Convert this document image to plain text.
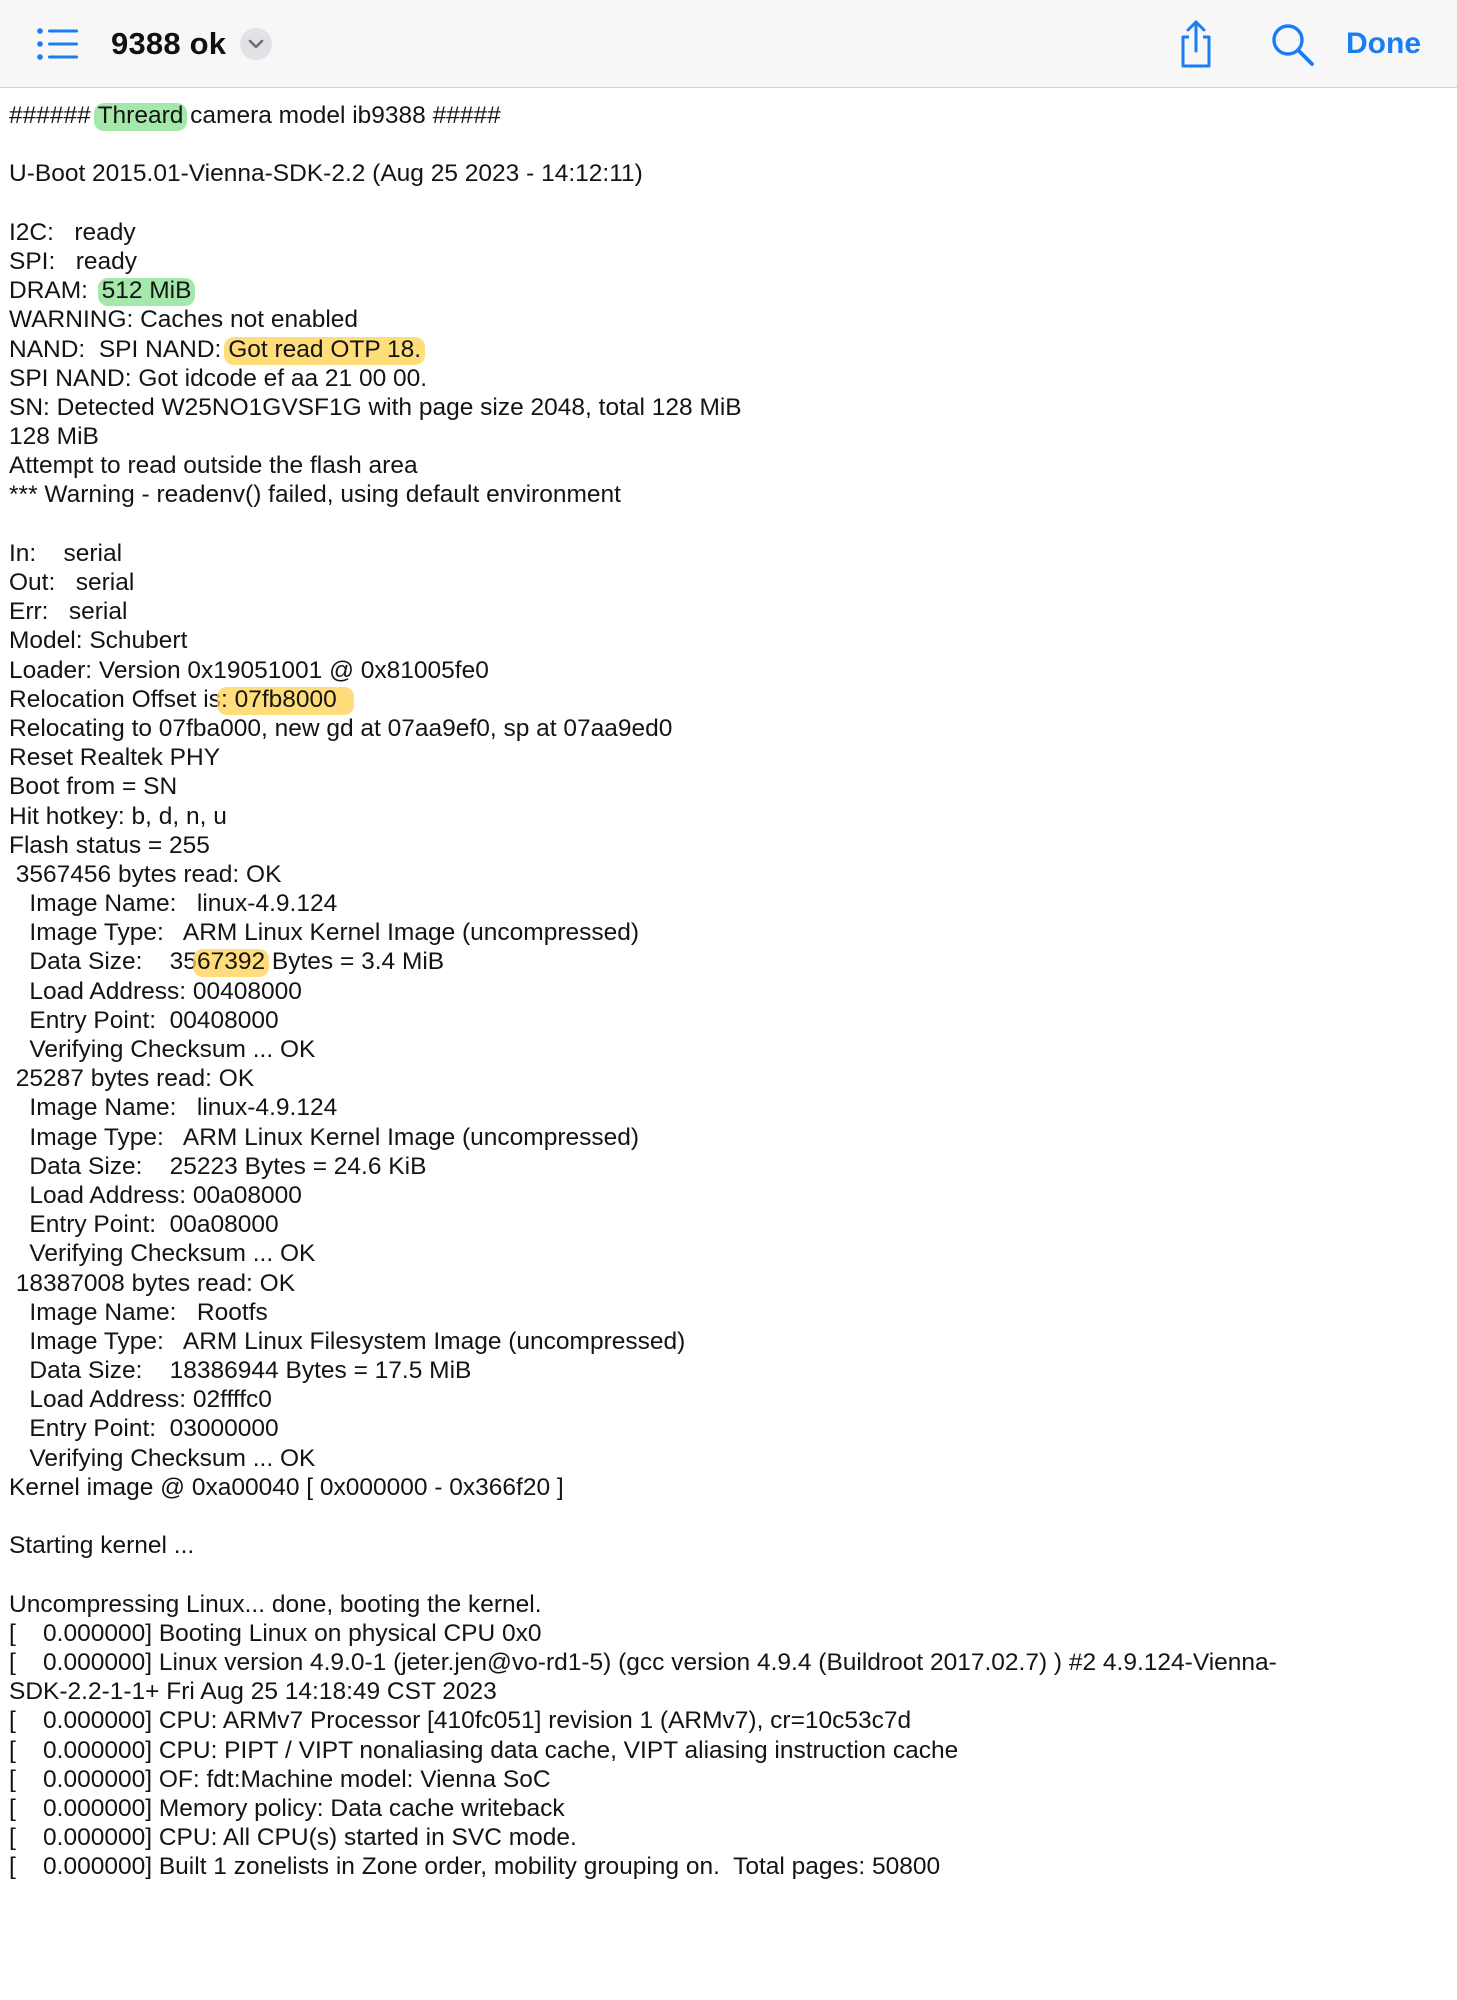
9388 ok	Done
###### Threard camera model ib9388 #####
U-Boot 2015.01-Vienna-SDK-2.2 (Aug 25 2023 - 14:12:11)
I2C:   ready
SPI:   ready
DRAM:  512 MiB
WARNING: Caches not enabled
NAND:  SPI NAND: Got read OTP 18.
SPI NAND: Got idcode ef aa 21 00 00.
SN: Detected W25NO1GVSF1G with page size 2048, total 128 MiB
128 MiB
Attempt to read outside the flash area
*** Warning - readenv() failed, using default environment
In:    serial
Out:   serial
Err:   serial
Model: Schubert
Loader: Version 0x19051001 @ 0x81005fe0
Relocation Offset is: 07fb8000
Relocating to 07fba000, new gd at 07aa9ef0, sp at 07aa9ed0
Reset Realtek PHY
Boot from = SN
Hit hotkey: b, d, n, u
Flash status = 255
3567456 bytes read: OK
Image Name:   linux-4.9.124
Image Type:   ARM Linux Kernel Image (uncompressed)
Data Size:    3567392 Bytes = 3.4 MiB
Load Address: 00408000
Entry Point:  00408000
Verifying Checksum ... OK
25287 bytes read: OK
Image Name:   linux-4.9.124
Image Type:   ARM Linux Kernel Image (uncompressed)
Data Size:    25223 Bytes = 24.6 KiB
Load Address: 00a08000
Entry Point:  00a08000
Verifying Checksum ... OK
18387008 bytes read: OK
Image Name:   Rootfs
Image Type:   ARM Linux Filesystem Image (uncompressed)
Data Size:    18386944 Bytes = 17.5 MiB
Load Address: 02ffffc0
Entry Point:  03000000
Verifying Checksum ... OK
Kernel image @ 0xa00040 [ 0x000000 - 0x366f20 ]
Starting kernel ...
Uncompressing Linux... done, booting the kernel.
[    0.000000] Booting Linux on physical CPU 0x0
[    0.000000] Linux version 4.9.0-1 (jeter.jen@vo-rd1-5) (gcc version 4.9.4 (Buildroot 2017.02.7) ) #2 4.9.124-Vienna-
SDK-2.2-1-1+ Fri Aug 25 14:18:49 CST 2023
[    0.000000] CPU: ARMv7 Processor [410fc051] revision 1 (ARMv7), cr=10c53c7d
[    0.000000] CPU: PIPT / VIPT nonaliasing data cache, VIPT aliasing instruction cache
[    0.000000] OF: fdt:Machine model: Vienna SoC
[    0.000000] Memory policy: Data cache writeback
[    0.000000] CPU: All CPU(s) started in SVC mode.
[    0.000000] Built 1 zonelists in Zone order, mobility grouping on.  Total pages: 50800
